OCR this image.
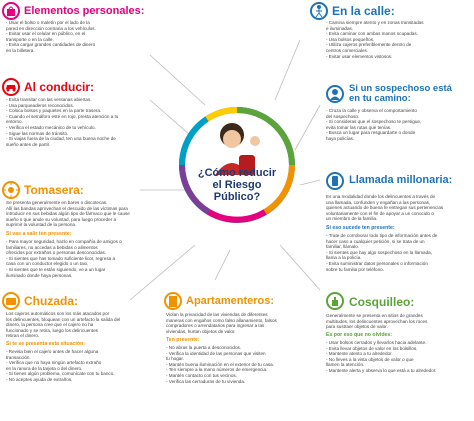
¿Cómo reducir
el Riesgo
Público?
Elementos personales:
- Usar el bolso o maletín por el lado de la
pared en dirección contraria a los vehículos.
- Evitar usar el celular en público, en el
transporte o en la calle.
- Evita cargar grandes cantidades de dinero
en la billetera.
En la calle:
- Camina siempre atento y en zonas transitadas
e iluminadas.
- Evita caminar con ambas manos ocupadas.
- Usa bolsos pequeños.
- Utiliza cajeros preferiblemente dentro de
centros comerciales.
- Evitar usar elementos vistosos.
Al conducir:
- Evita transitar con las ventanas abiertas.
- Usa parqueaderos reconocidos.
- Coloca bolsos y paquetes en la parte trasera.
- Cuando el semáforo esté en rojo, presta atención a tu
entorno.
- Verifica el estado mecánico de tu vehículo.
- Sigue las normas de tránsito.
- Si viajas fuera de la ciudad, ten una buena noche de
sueño antes de partir.
Si un sospechoso está
en tu camino:
- Cruza la calle y observa el comportamiento
del sospechoso.
- Si consideras que el sospechoso te persigue,
evita tomar las rutas que tenías.
- Busca un lugar para resguardarte o donde
haya policías.
Tomasera:
Se presenta generalmente en bares o discotecas.
Allí las bandas aprovechan el descuido de las víctimas para
introducir en sus bebidas algún tipo de fármaco que le cause
sueño o que anule su voluntad, para luego proceder a
suprimir la voluntad de la persona.
Si vas a salir ten presente:
- Para mayor seguridad, hazlo en compañía de amigos o
familiares, no accedas a bebidas o alimentos
ofrecidos por extraños o personas desconocidas.
- Si sientes que has tomado suficiente licor, regresa a
casa con un conductor elegido o un taxi.
- Si sientes que te están siguiendo, ve a un lugar
iluminado donde haya personas.
Llamada millonaria:
Es una modalidad donde los delincuentes a través de
una llamada, confunden y engañan a las personas,
quienes actuando de buena fe entregan sus pertenencias
voluntariamente con el fin de apoyar a un conocido o
un miembro de la familia.
Si eso sucede ten presente:
- Trate de corroborar todo tipo de información antes de
hacer caso a cualquier petición, si se trata de un
familiar, llámalo.
- Si sientes que hay algo sospechoso en la llamada,
llama a la policía.
- Evita suministrar datos personales o información
sobre tu familia por teléfono.
Chuzada:
Los cajeros automáticos son los más atacados por
los delincuentes, bloquean con un artefacto la salida del
dinero, la persona cree que el cajero no ha
funcionado y se retira, luego los delincuentes
retiran el dinero.
Si te se presenta esta situación:
- Revisa bien el cajero antes de hacer alguna
transacción.
- Verifica que no haya ningún artefacto extraño
en la ranura de la tarjeta o del dinero.
- Si tienes algún problema, comunícate con tu banco.
- No aceptes ayuda de extraños.
Apartamenteros:
Violan la privacidad de las viviendas de diferentes
maneras con engaños como falso allanamiento, falsos
compradores o arrendatarios para ingresar a las
viviendas, hurtan objetos de valor.
Ten presente:
- No abras la puerta a desconocidos.
- Verifica la identidad de las personas que visiten
tu hogar.
- Mantén buena iluminación en el exterior de tu casa.
- Ten siempre a la mano números de emergencia.
- Mantén contacto con tus vecinos.
- Verifica las cerraduras de tu vivienda.
Cosquilleo:
Generalmente se presenta en sitios de grandes
multitudes, los delincuentes aprovechan los roces
para sustraer objetos de valor.
Es por eso que no olvides:
- Usar bolsos cerrados y llevarlos hacia adelante.
- Evita llevar objetos de valor en los bolsillos.
- Mantente atento a tu alrededor.
- No lleves a la vista objetos de valor o que
llamen la atención.
- Mantente alerta y observa lo que está a tu alrededor.
